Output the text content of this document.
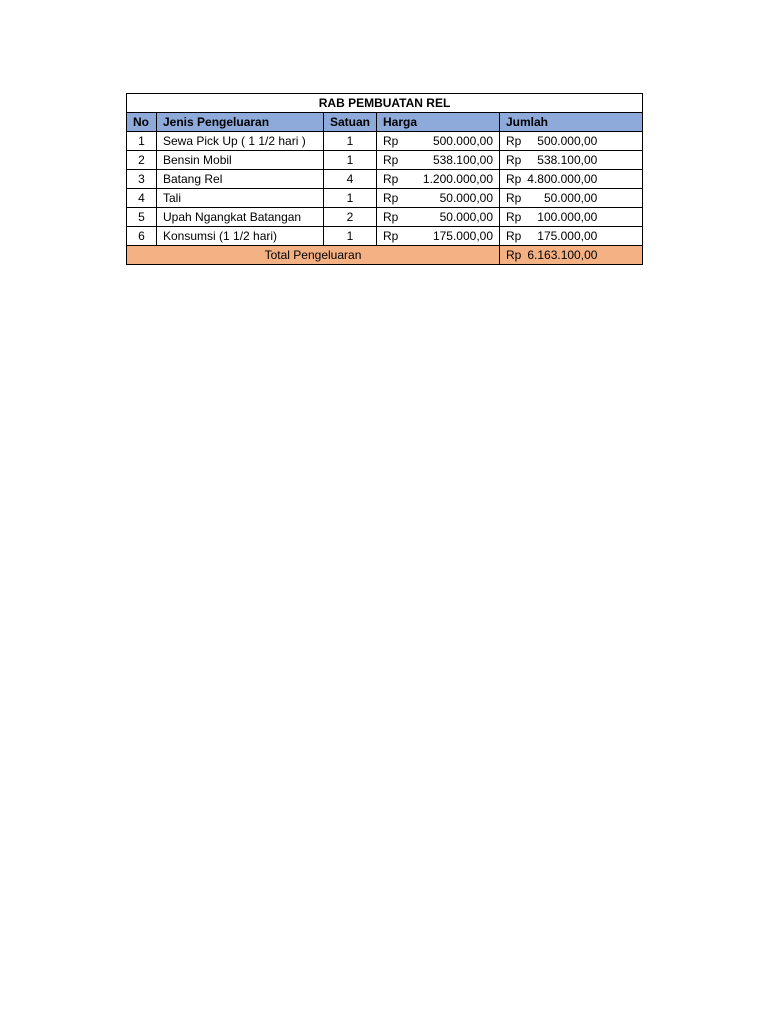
RAB PEMBUATAN REL				
No	Jenis Pengeluaran	Satuan	Harga	Jumlah
1	Sewa Pick Up ( 1 1/2 hari )	1	Rp 500.000,00	Rp 500.000,00

2	Bensin Mobil	1	Rp 538.100,00	Rp 538.100,00

3	Batang Rel	4	Rp 1.200.000,00	Rp 4.800.000,00

4	Tali	1	Rp 50.000,00	Rp 50.000,00

5	Upah Ngangkat Batangan	2	Rp 50.000,00	Rp 100.000,00

6	Konsumsi (1 1/2 hari)	1	Rp 175.000,00	Rp 175.000,00

Total Pengeluaran				Rp 6.163.100,00
